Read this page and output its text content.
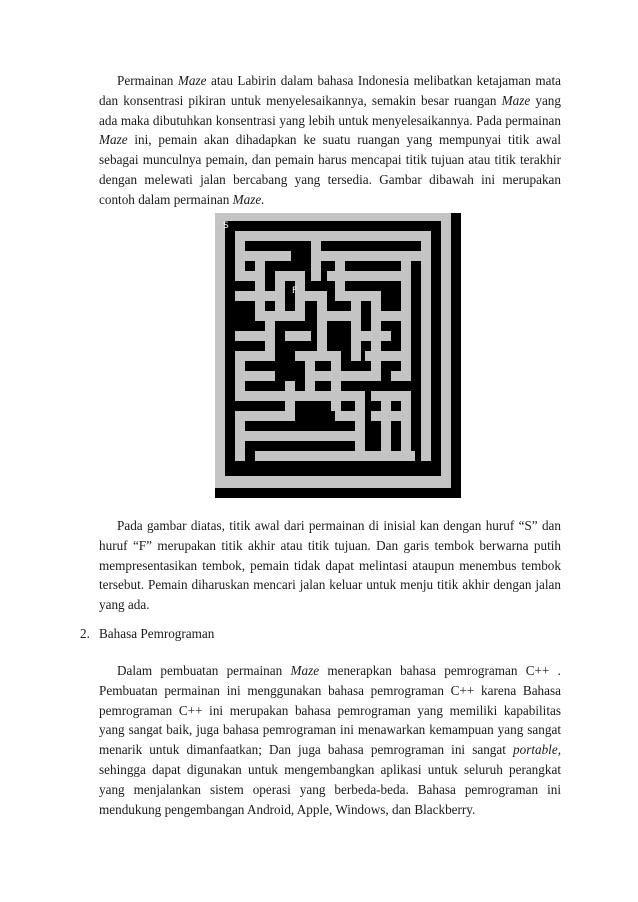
Permainan Maze atau Labirin dalam bahasa Indonesia melibatkan ketajaman mata dan konsentrasi pikiran untuk menyelesaikannya, semakin besar ruangan Maze yang ada maka dibutuhkan konsentrasi yang lebih untuk menyelesaikannya. Pada permainan Maze ini, pemain akan dihadapkan ke suatu ruangan yang mempunyai titik awal sebagai munculnya pemain, dan pemain harus mencapai titik tujuan atau titik terakhir dengan melewati jalan bercabang yang tersedia. Gambar dibawah ini merupakan contoh dalam permainan Maze.

S
F

Pada gambar diatas, titik awal dari permainan di inisial kan dengan huruf “S” dan huruf “F” merupakan titik akhir atau titik tujuan. Dan garis tembok berwarna putih mempresentasikan tembok, pemain tidak dapat melintasi ataupun menembus tembok tersebut. Pemain diharuskan mencari jalan keluar untuk menju titik akhir dengan jalan yang ada.

2. Bahasa Pemrograman

Dalam pembuatan permainan Maze menerapkan bahasa pemrograman C++ . Pembuatan permainan ini menggunakan bahasa pemrograman C++ karena Bahasa pemrograman C++ ini merupakan bahasa pemrograman yang memiliki kapabilitas yang sangat baik, juga bahasa pemrograman ini menawarkan kemampuan yang sangat menarik untuk dimanfaatkan; Dan juga bahasa pemrograman ini sangat portable, sehingga dapat digunakan untuk mengembangkan aplikasi untuk seluruh perangkat yang menjalankan sistem operasi yang berbeda-beda. Bahasa pemrograman ini mendukung pengembangan Android, Apple, Windows, dan Blackberry.
